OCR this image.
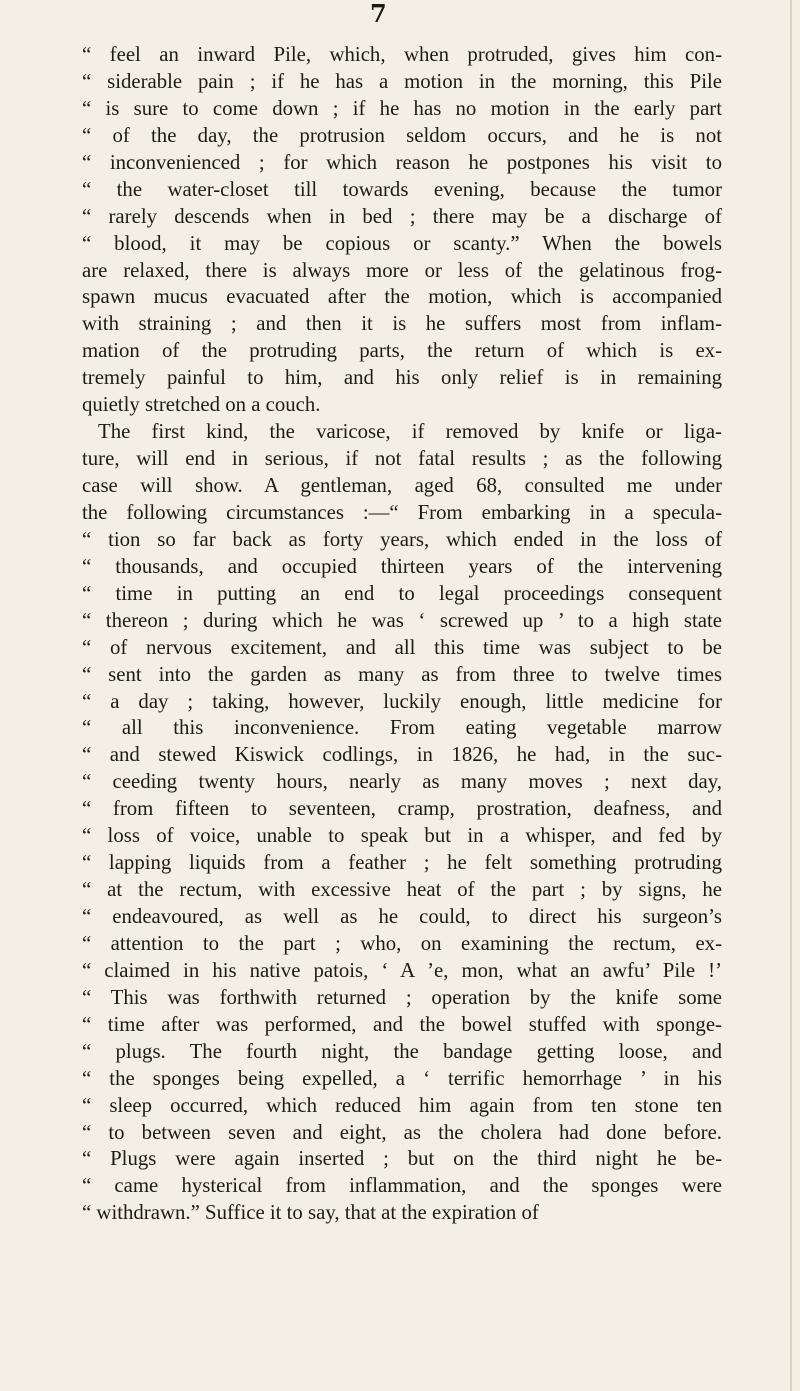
7
“ feel an inward Pile, which, when protruded, gives him con-
“ siderable pain ; if he has a motion in the morning, this Pile
“ is sure to come down ; if he has no motion in the early part
“ of the day, the protrusion seldom occurs, and he is not
“ inconvenienced ; for which reason he postpones his visit to
“ the water-closet till towards evening, because the tumor
“ rarely descends when in bed ; there may be a discharge of
“ blood, it may be copious or scanty.” When the bowels
are relaxed, there is always more or less of the gelatinous frog-
spawn mucus evacuated after the motion, which is accompanied
with straining ; and then it is he suffers most from inflam-
mation of the protruding parts, the return of which is ex-
tremely painful to him, and his only relief is in remaining
quietly stretched on a couch.
The first kind, the varicose, if removed by knife or liga-
ture, will end in serious, if not fatal results ; as the following
case will show. A gentleman, aged 68, consulted me under
the following circumstances :—“ From embarking in a specula-
“ tion so far back as forty years, which ended in the loss of
“ thousands, and occupied thirteen years of the intervening
“ time in putting an end to legal proceedings consequent
“ thereon ; during which he was ‘ screwed up ’ to a high state
“ of nervous excitement, and all this time was subject to be
“ sent into the garden as many as from three to twelve times
“ a day ; taking, however, luckily enough, little medicine for
“ all this inconvenience. From eating vegetable marrow
“ and stewed Kiswick codlings, in 1826, he had, in the suc-
“ ceeding twenty hours, nearly as many moves ; next day,
“ from fifteen to seventeen, cramp, prostration, deafness, and
“ loss of voice, unable to speak but in a whisper, and fed by
“ lapping liquids from a feather ; he felt something protruding
“ at the rectum, with excessive heat of the part ; by signs, he
“ endeavoured, as well as he could, to direct his surgeon’s
“ attention to the part ; who, on examining the rectum, ex-
“ claimed in his native patois, ‘ A ’e, mon, what an awfu’ Pile !’
“ This was forthwith returned ; operation by the knife some
“ time after was performed, and the bowel stuffed with sponge-
“ plugs. The fourth night, the bandage getting loose, and
“ the sponges being expelled, a ‘ terrific hemorrhage ’ in his
“ sleep occurred, which reduced him again from ten stone ten
“ to between seven and eight, as the cholera had done before.
“ Plugs were again inserted ; but on the third night he be-
“ came hysterical from inflammation, and the sponges were
“ withdrawn.” Suffice it to say, that at the expiration of
